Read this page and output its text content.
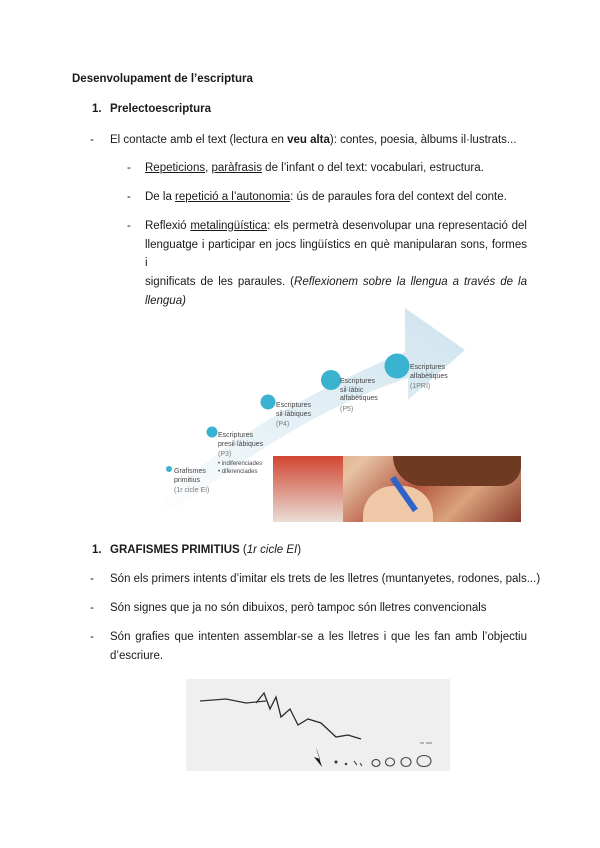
Desenvolupament de l’escriptura
1. Prelectoescriptura
- El contacte amb el text (lectura en veu alta): contes, poesia, àlbums il·lustrats...
- Repeticions, paràfrasis de l’infant o del text: vocabulari, estructura.
- De la repetició a l’autonomia: ús de paraules fora del context del conte.
- Reflexió metalingüística: els permetrà desenvolupar una representació del
llenguatge i participar en jocs lingüístics en què manipularan sons, formes i
significats de les paraules. (Reflexionem sobre la llengua a través de la
llengua)
Grafismes
primitius
(1r cicle EI)
Escriptures
presil·làbiques
(P3)
• indiferenciades
• diferenciades
Escriptures
sil·làbiques
(P4)
Escriptures
sil·làbic
alfabètiques
(P5)
Escriptures
alfabètiques
(1PRI)
1. GRAFISMES PRIMITIUS (1r cicle EI)
- Són els primers intents d’imitar els trets de les lletres (muntanyetes, rodones, pals...)
- Són signes que ja no són dibuixos, però tampoc són lletres convencionals
- Són grafies que intenten assemblar-se a les lletres i que les fan amb l’objectiu
d’escriure.
